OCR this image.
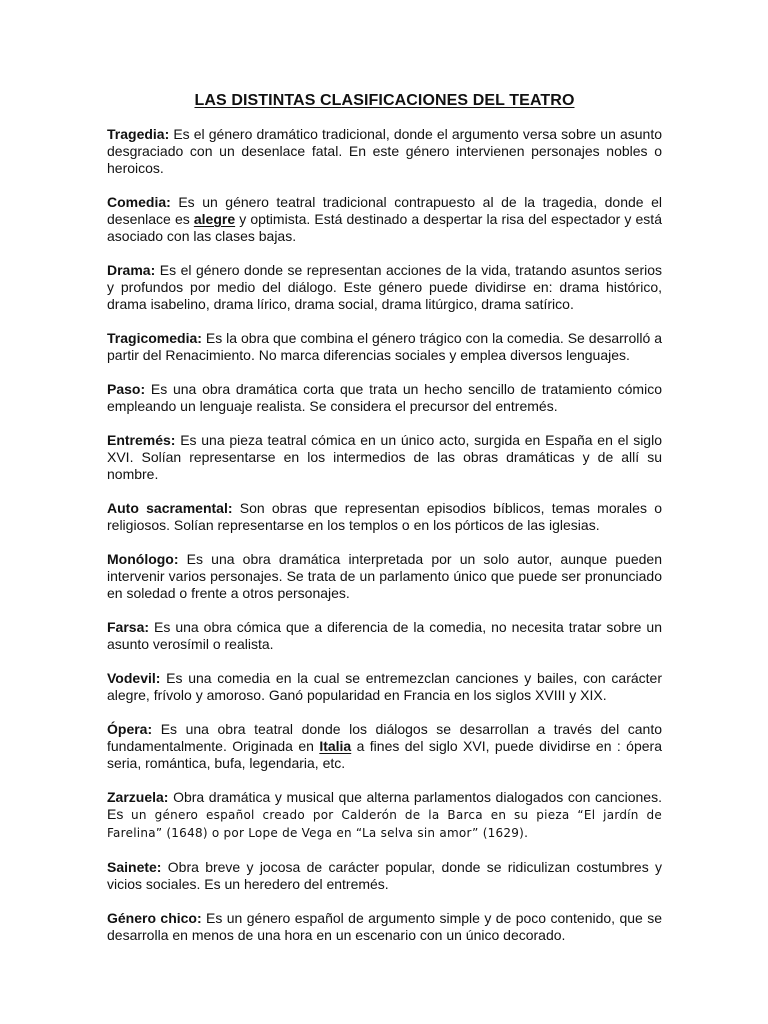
LAS DISTINTAS CLASIFICACIONES DEL TEATRO

Tragedia: Es el género dramático tradicional, donde el argumento versa sobre un asunto desgraciado con un desenlace fatal. En este género intervienen personajes nobles o heroicos.

Comedia: Es un género teatral tradicional contrapuesto al de la tragedia, donde el desenlace es alegre y optimista. Está destinado a despertar la risa del espectador y está asociado con las clases bajas.

Drama: Es el género donde se representan acciones de la vida, tratando asuntos serios y profundos por medio del diálogo. Este género puede dividirse en: drama histórico, drama isabelino, drama lírico, drama social, drama litúrgico, drama satírico.

Tragicomedia: Es la obra que combina el género trágico con la comedia. Se desarrolló a partir del Renacimiento. No marca diferencias sociales y emplea diversos lenguajes.

Paso: Es una obra dramática corta que trata un hecho sencillo de tratamiento cómico empleando un lenguaje realista. Se considera el precursor del entremés.

Entremés: Es una pieza teatral cómica en un único acto, surgida en España en el siglo XVI. Solían representarse en los intermedios de las obras dramáticas y de allí su nombre.

Auto sacramental: Son obras que representan episodios bíblicos, temas morales o religiosos. Solían representarse en los templos o en los pórticos de las iglesias.

Monólogo: Es una obra dramática interpretada por un solo autor, aunque pueden intervenir varios personajes. Se trata de un parlamento único que puede ser pronunciado en soledad o frente a otros personajes.

Farsa: Es una obra cómica que a diferencia de la comedia, no necesita tratar sobre un asunto verosímil o realista.

Vodevil: Es una comedia en la cual se entremezclan canciones y bailes, con carácter alegre, frívolo y amoroso. Ganó popularidad en Francia en los siglos XVIII y XIX.

Ópera: Es una obra teatral donde los diálogos se desarrollan a través del canto fundamentalmente. Originada en Italia a fines del siglo XVI, puede dividirse en : ópera seria, romántica, bufa, legendaria, etc.

Zarzuela: Obra dramática y musical que alterna parlamentos dialogados con canciones. Es un género español creado por Calderón de la Barca en su pieza “El jardín de Farelina” (1648) o por Lope de Vega en “La selva sin amor” (1629).

Sainete: Obra breve y jocosa de carácter popular, donde se ridiculizan costumbres y vicios sociales. Es un heredero del entremés.

Género chico: Es un género español de argumento simple y de poco contenido, que se desarrolla en menos de una hora en un escenario con un único decorado.
